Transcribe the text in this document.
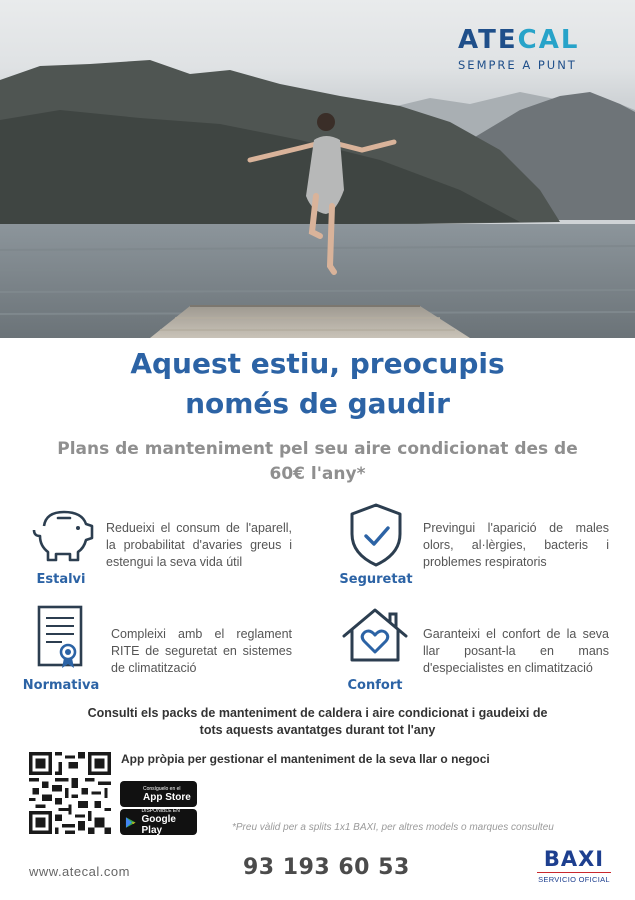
ATECAL
SEMPRE A PUNT
Aquest estiu, preocupis
només de gaudir
Plans de manteniment pel seu aire condicionat des de
60€ l'any*
Estalvi
Redueixi el consum de l'aparell, la probabilitat d'avaries greus i estengui la seva vida útil
Seguretat
Previngui l'aparició de males olors, al·lèrgies, bacteris i problemes respiratoris
Normativa
Compleixi amb el reglament RITE de seguretat en sistemes de climatització
Confort
Garanteixi el confort de la seva llar posant-la en mans d'especialistes en climatització
Consulti els packs de manteniment de caldera i aire condicionat i gaudeixi de
tots aquests avantatges durant tot l'any
App pròpia per gestionar el manteniment de la seva llar o negoci
Consíguelo en el
App Store
DISPONIBLE EN
Google Play	*Preu vàlid per a splits 1x1 BAXI, per altres models o marques consulteu
www.atecal.com	93 193 60 53	BAXI
SERVICIO OFICIAL
